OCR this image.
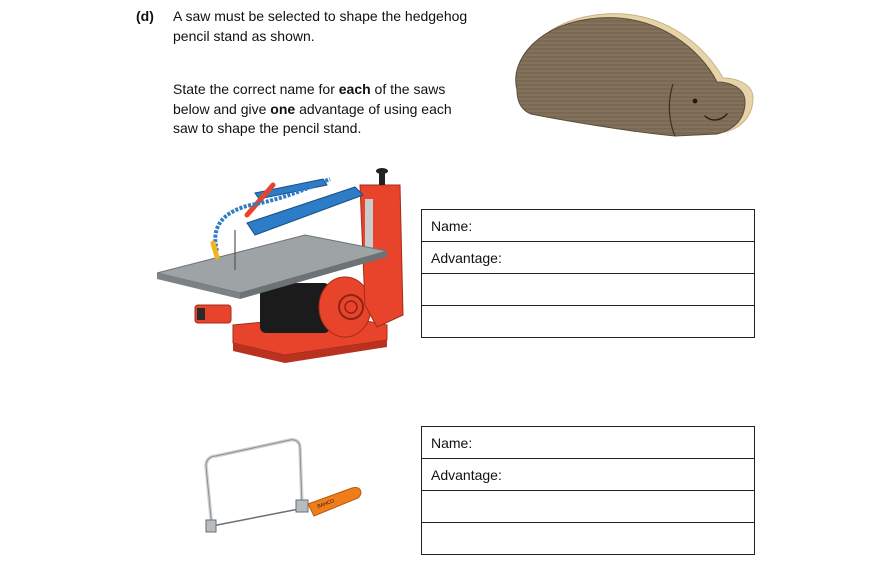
(d) A saw must be selected to shape the hedgehog pencil stand as shown.
State the correct name for each of the saws below and give one advantage of using each saw to shape the pencil stand.
BAHCO
Name:
Advantage:

Name:
Advantage:
